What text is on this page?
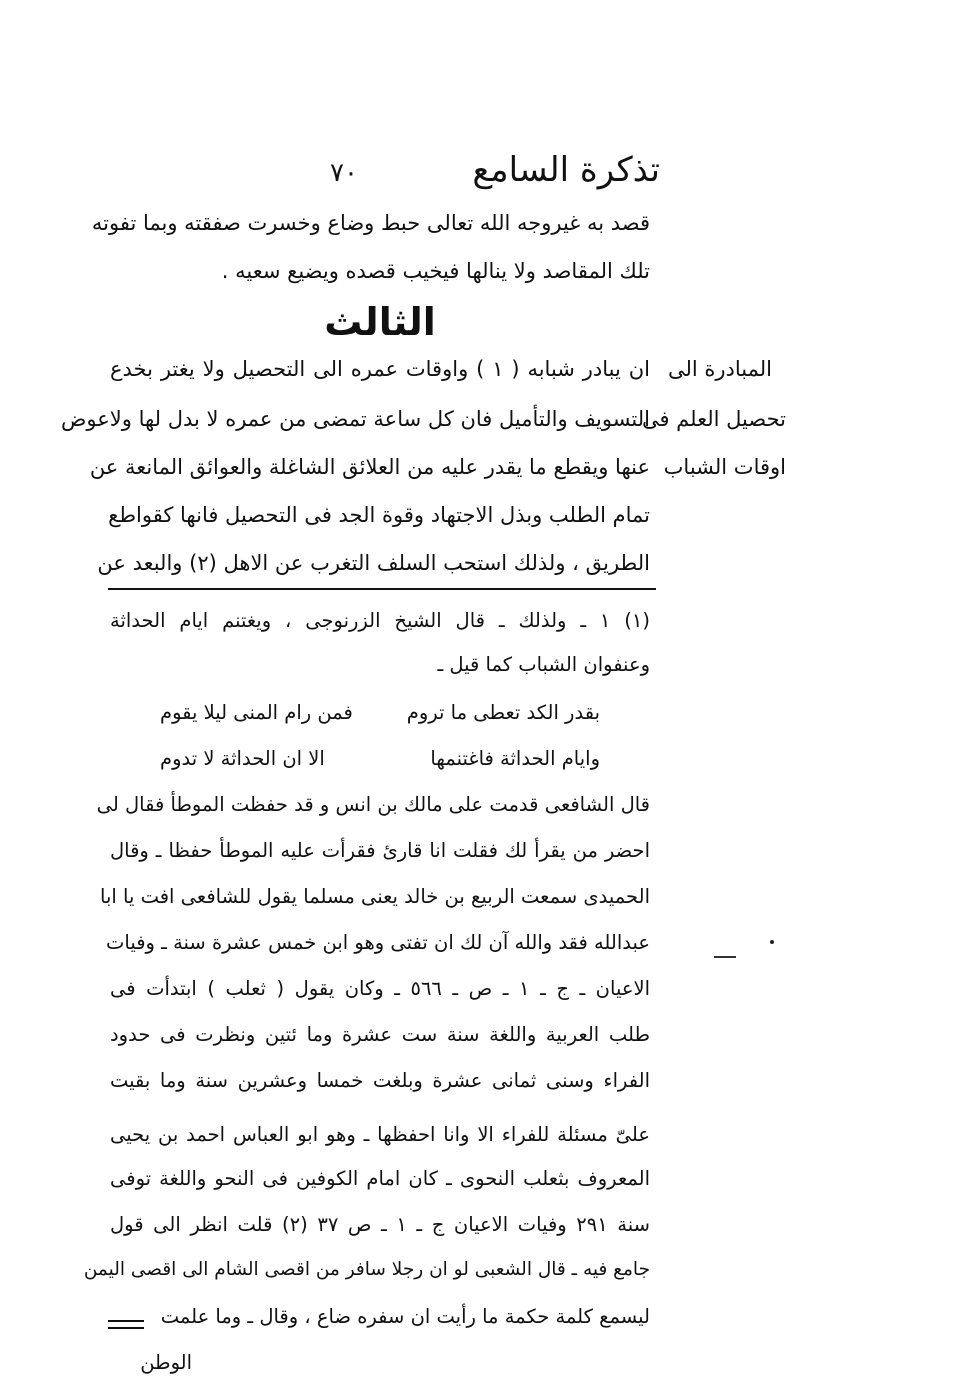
تذكرة السامع
٧٠
قصد به غيروجه الله تعالى حبط وضاع وخسرت صفقته وبما تفوته
تلك المقاصد ولا ينالها فيخيب قصده ويضيع سعيه .
الثالث
المبادرة الى
تحصيل العلم فى
اوقات الشباب
ان يبادر شبابه ( ١ ) واوقات عمره الى التحصيل ولا يغتر بخدع
التسويف والتأميل فان كل ساعة تمضى من عمره لا بدل لها ولاعوض
عنها ويقطع ما يقدر عليه من العلائق الشاغلة والعوائق المانعة عن
تمام الطلب وبذل الاجتهاد وقوة الجد فى التحصيل فانها كقواطع
الطريق ، ولذلك استحب السلف التغرب عن الاهل (٢) والبعد عن
(١) ١ ـ ولذلك ـ قال الشيخ الزرنوجى ، ويغتنم ايام الحداثة
وعنفوان الشباب كما قيل ـ
بقدر الكد تعطى ما تروم
فمن رام المنى ليلا يقوم
وايام الحداثة فاغتنمها
الا ان الحداثة لا تدوم
قال الشافعى قدمت على مالك بن انس و قد حفظت الموطأ فقال لى
احضر من يقرأ لك فقلت انا قارئ فقرأت عليه الموطأ حفظا ـ وقال
الحميدى سمعت الربيع بن خالد يعنى مسلما يقول للشافعى افت يا ابا
عبدالله فقد والله آن لك ان تفتى وهو ابن خمس عشرة سنة ـ وفيات
الاعيان ـ ج ـ ١ ـ ص ـ ٥٦٦ ـ وكان يقول ( ثعلب ) ابتدأت فى
طلب العربية واللغة سنة ست عشرة وما ئتين ونظرت فى حدود
الفراء وسنى ثمانى عشرة وبلغت خمسا وعشرين سنة وما بقيت
علىّ مسئلة للفراء الا وانا احفظها ـ وهو ابو العباس احمد بن يحيى
المعروف بثعلب النحوى ـ كان امام الكوفين فى النحو واللغة توفى
سنة ٢٩١ وفيات الاعيان ج ـ ١ ـ ص ٣٧ (٢) قلت انظر الى قول
جامع فيه ـ قال الشعبى لو ان رجلا سافر من اقصى الشام الى اقصى اليمن
ليسمع كلمة حكمة ما رأيت ان سفره ضاع ، وقال ـ وما علمت
الوطن
